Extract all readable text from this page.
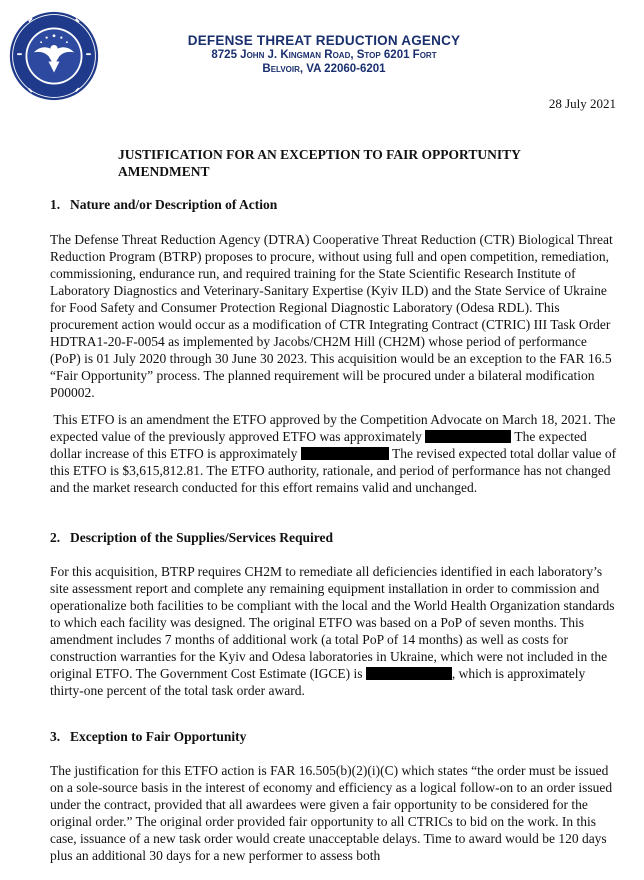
DEFENSE THREAT REDUCTION AGENCY
8725 John J. Kingman Road, Stop 6201 Fort
Belvoir, VA 22060-6201
28 July 2021
JUSTIFICATION FOR AN EXCEPTION TO FAIR OPPORTUNITY AMENDMENT
1. Nature and/or Description of Action

The Defense Threat Reduction Agency (DTRA) Cooperative Threat Reduction (CTR) Biological Threat Reduction Program (BTRP) proposes to procure, without using full and open competition, remediation, commissioning, endurance run, and required training for the State Scientific Research Institute of Laboratory Diagnostics and Veterinary-Sanitary Expertise (Kyiv ILD) and the State Service of Ukraine for Food Safety and Consumer Protection Regional Diagnostic Laboratory (Odesa RDL). This procurement action would occur as a modification of CTR Integrating Contract (CTRIC) III Task Order HDTRA1-20-F-0054 as implemented by Jacobs/CH2M Hill (CH2M) whose period of performance (PoP) is 01 July 2020 through 30 June 30 2023. This acquisition would be an exception to the FAR 16.5 “Fair Opportunity” process. The planned requirement will be procured under a bilateral modification P00002.

This ETFO is an amendment the ETFO approved by the Competition Advocate on March 18, 2021. The expected value of the previously approved ETFO was approximately	The expected dollar increase of this ETFO is approximately	The revised expected total dollar value of this ETFO is $3,615,812.81. The ETFO authority, rationale, and period of performance has not changed and the market research conducted for this effort remains valid and unchanged.

2. Description of the Supplies/Services Required

For this acquisition, BTRP requires CH2M to remediate all deficiencies identified in each laboratory’s site assessment report and complete any remaining equipment installation in order to commission and operationalize both facilities to be compliant with the local and the World Health Organization standards to which each facility was designed. The original ETFO was based on a PoP of seven months. This amendment includes 7 months of additional work (a total PoP of 14 months) as well as costs for construction warranties for the Kyiv and Odesa laboratories in Ukraine, which were not included in the original ETFO. The Government Cost Estimate (IGCE) is	, which is approximately thirty-one percent of the total task order award.

3. Exception to Fair Opportunity

The justification for this ETFO action is FAR 16.505(b)(2)(i)(C) which states “the order must be issued on a sole-source basis in the interest of economy and efficiency as a logical follow-on to an order issued under the contract, provided that all awardees were given a fair opportunity to be considered for the original order.” The original order provided fair opportunity to all CTRICs to bid on the work. In this case, issuance of a new task order would create unacceptable delays. Time to award would be 120 days plus an additional 30 days for a new performer to assess both
